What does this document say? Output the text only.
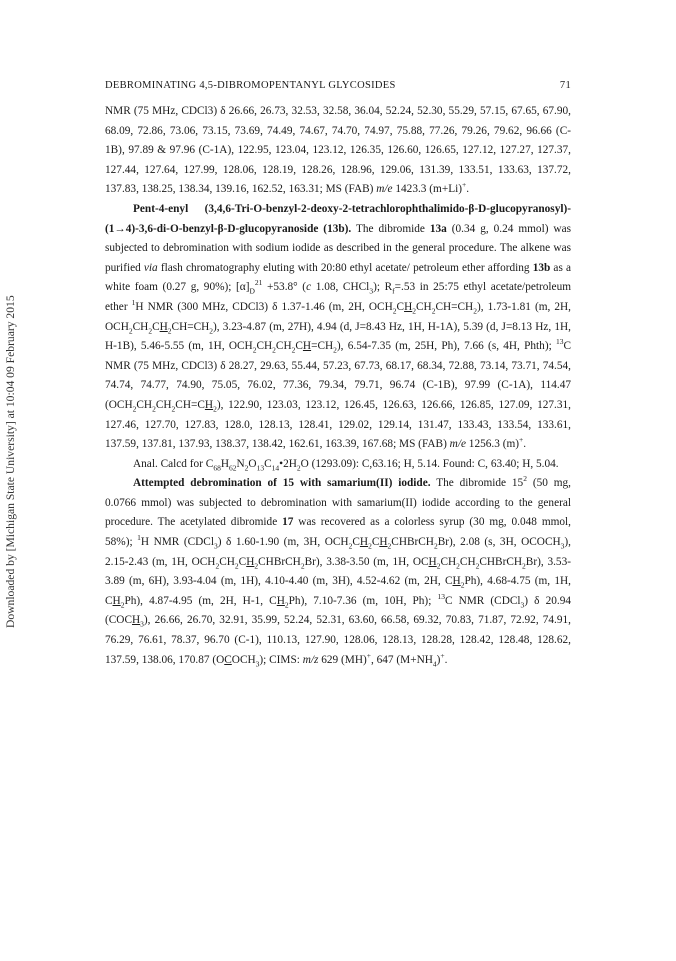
DEBROMINATING 4,5-DIBROMOPENTANYL GLYCOSIDES	71
Downloaded by [Michigan State University] at 10:04 09 February 2015

NMR (75 MHz, CDCl3) δ 26.66, 26.73, 32.53, 32.58, 36.04, 52.24, 52.30, 55.29, 57.15, 67.65, 67.90, 68.09, 72.86, 73.06, 73.15, 73.69, 74.49, 74.67, 74.70, 74.97, 75.88, 77.26, 79.26, 79.62, 96.66 (C-1B), 97.89 & 97.96 (C-1A), 122.95, 123.04, 123.12, 126.35, 126.60, 126.65, 127.12, 127.27, 127.37, 127.44, 127.64, 127.99, 128.06, 128.19, 128.26, 128.96, 129.06, 131.39, 133.51, 133.63, 137.72, 137.83, 138.25, 138.34, 139.16, 162.52, 163.31; MS (FAB) m/e 1423.3 (m+Li)+.

Pent-4-enyl (3,4,6-Tri-O-benzyl-2-deoxy-2-tetrachlorophthalimido-β-D-glucopyranosyl)-(1→4)-3,6-di-O-benzyl-β-D-glucopyranoside (13b). The dibromide 13a (0.34 g, 0.24 mmol) was subjected to debromination with sodium iodide as described in the general procedure. The alkene was purified via flash chromatography eluting with 20:80 ethyl acetate/ petroleum ether affording 13b as a white foam (0.27 g, 90%); $[\alpha]_D^{21} +53.8^\circ$ (c 1.08, CHCl$_3$); $R_f=.53$ in 25:75 ethyl acetate/petroleum ether $^1$H NMR (300 MHz, CDCl3) δ 1.37-1.46 (m, 2H, $OCH_2CH_2CH_2CH=CH_2$), 1.73-1.81 (m, 2H, $OCH_2CH_2CH_2CH=CH_2$), 3.23-4.87 (m, 27H), 4.94 (d, J=8.43 Hz, 1H, H-1A), 5.39 (d, J=8.13 Hz, 1H, H-1B), 5.46-5.55 (m, 1H, $OCH_2CH_2CH_2CH=CH_2$), 6.54-7.35 (m, 25H, Ph), 7.66 (s, 4H, Phth); $^{13}$C NMR (75 MHz, CDCl3) δ 28.27, 29.63, 55.44, 57.23, 67.73, 68.17, 68.34, 72.88, 73.14, 73.71, 74.54, 74.74, 74.77, 74.90, 75.05, 76.02, 77.36, 79.34, 79.71, 96.74 (C-1B), 97.99 (C-1A), 114.47 $(OCH_2CH_2CH_2CH=CH_2)$, 122.90, 123.03, 123.12, 126.45, 126.63, 126.66, 126.85, 127.09, 127.31, 127.46, 127.70, 127.83, 128.0, 128.13, 128.41, 129.02, 129.14, 131.47, 133.43, 133.54, 133.61, 137.59, 137.81, 137.93, 138.37, 138.42, 162.61, 163.39, 167.68; MS (FAB) m/e 1256.3 (m)+.

Anal. Calcd for $C_{68}H_{62}N_2O_{13}C_{14}•2H_2O$ (1293.09): C,63.16; H, 5.14. Found: C, 63.40; H, 5.04.

Attempted debromination of 15 with samarium(II) iodide. The dibromide $15^2$ (50 mg, 0.0766 mmol) was subjected to debromination with samarium(II) iodide according to the general procedure. The acetylated dibromide 17 was recovered as a colorless syrup (30 mg, 0.048 mmol, 58%); $^1$H NMR (CDCl$_3$) δ 1.60-1.90 (m, 3H, $OCH_2CH_2CH_2CHBrCH_2Br$), 2.08 (s, 3H, $OCOCH_3$), 2.15-2.43 (m, 1H, $OCH_2CH_2CH_2CHBrCH_2Br$), 3.38-3.50 (m, 1H, $OCH_2CH_2CH_2CHBrCH_2Br$), 3.53-3.89 (m, 6H), 3.93-4.04 (m, 1H), 4.10-4.40 (m, 3H), 4.52-4.62 (m, 2H, $CH_2Ph$), 4.68-4.75 (m, 1H, $CH_2Ph$), 4.87-4.95 (m, 2H, H-1, $CH_2Ph$), 7.10-7.36 (m, 10H, Ph); $^{13}$C NMR (CDCl$_3$) δ 20.94 $(COCH_3)$, 26.66, 26.70, 32.91, 35.99, 52.24, 52.31, 63.60, 66.58, 69.32, 70.83, 71.87, 72.92, 74.91, 76.29, 76.61, 78.37, 96.70 (C-1), 110.13, 127.90, 128.06, 128.13, 128.28, 128.42, 128.48, 128.62, 137.59, 138.06, 170.87 $(OCOCH_3)$; CIMS: m/z 629 (MH)+, 647 $(M+NH_4)^+$.
